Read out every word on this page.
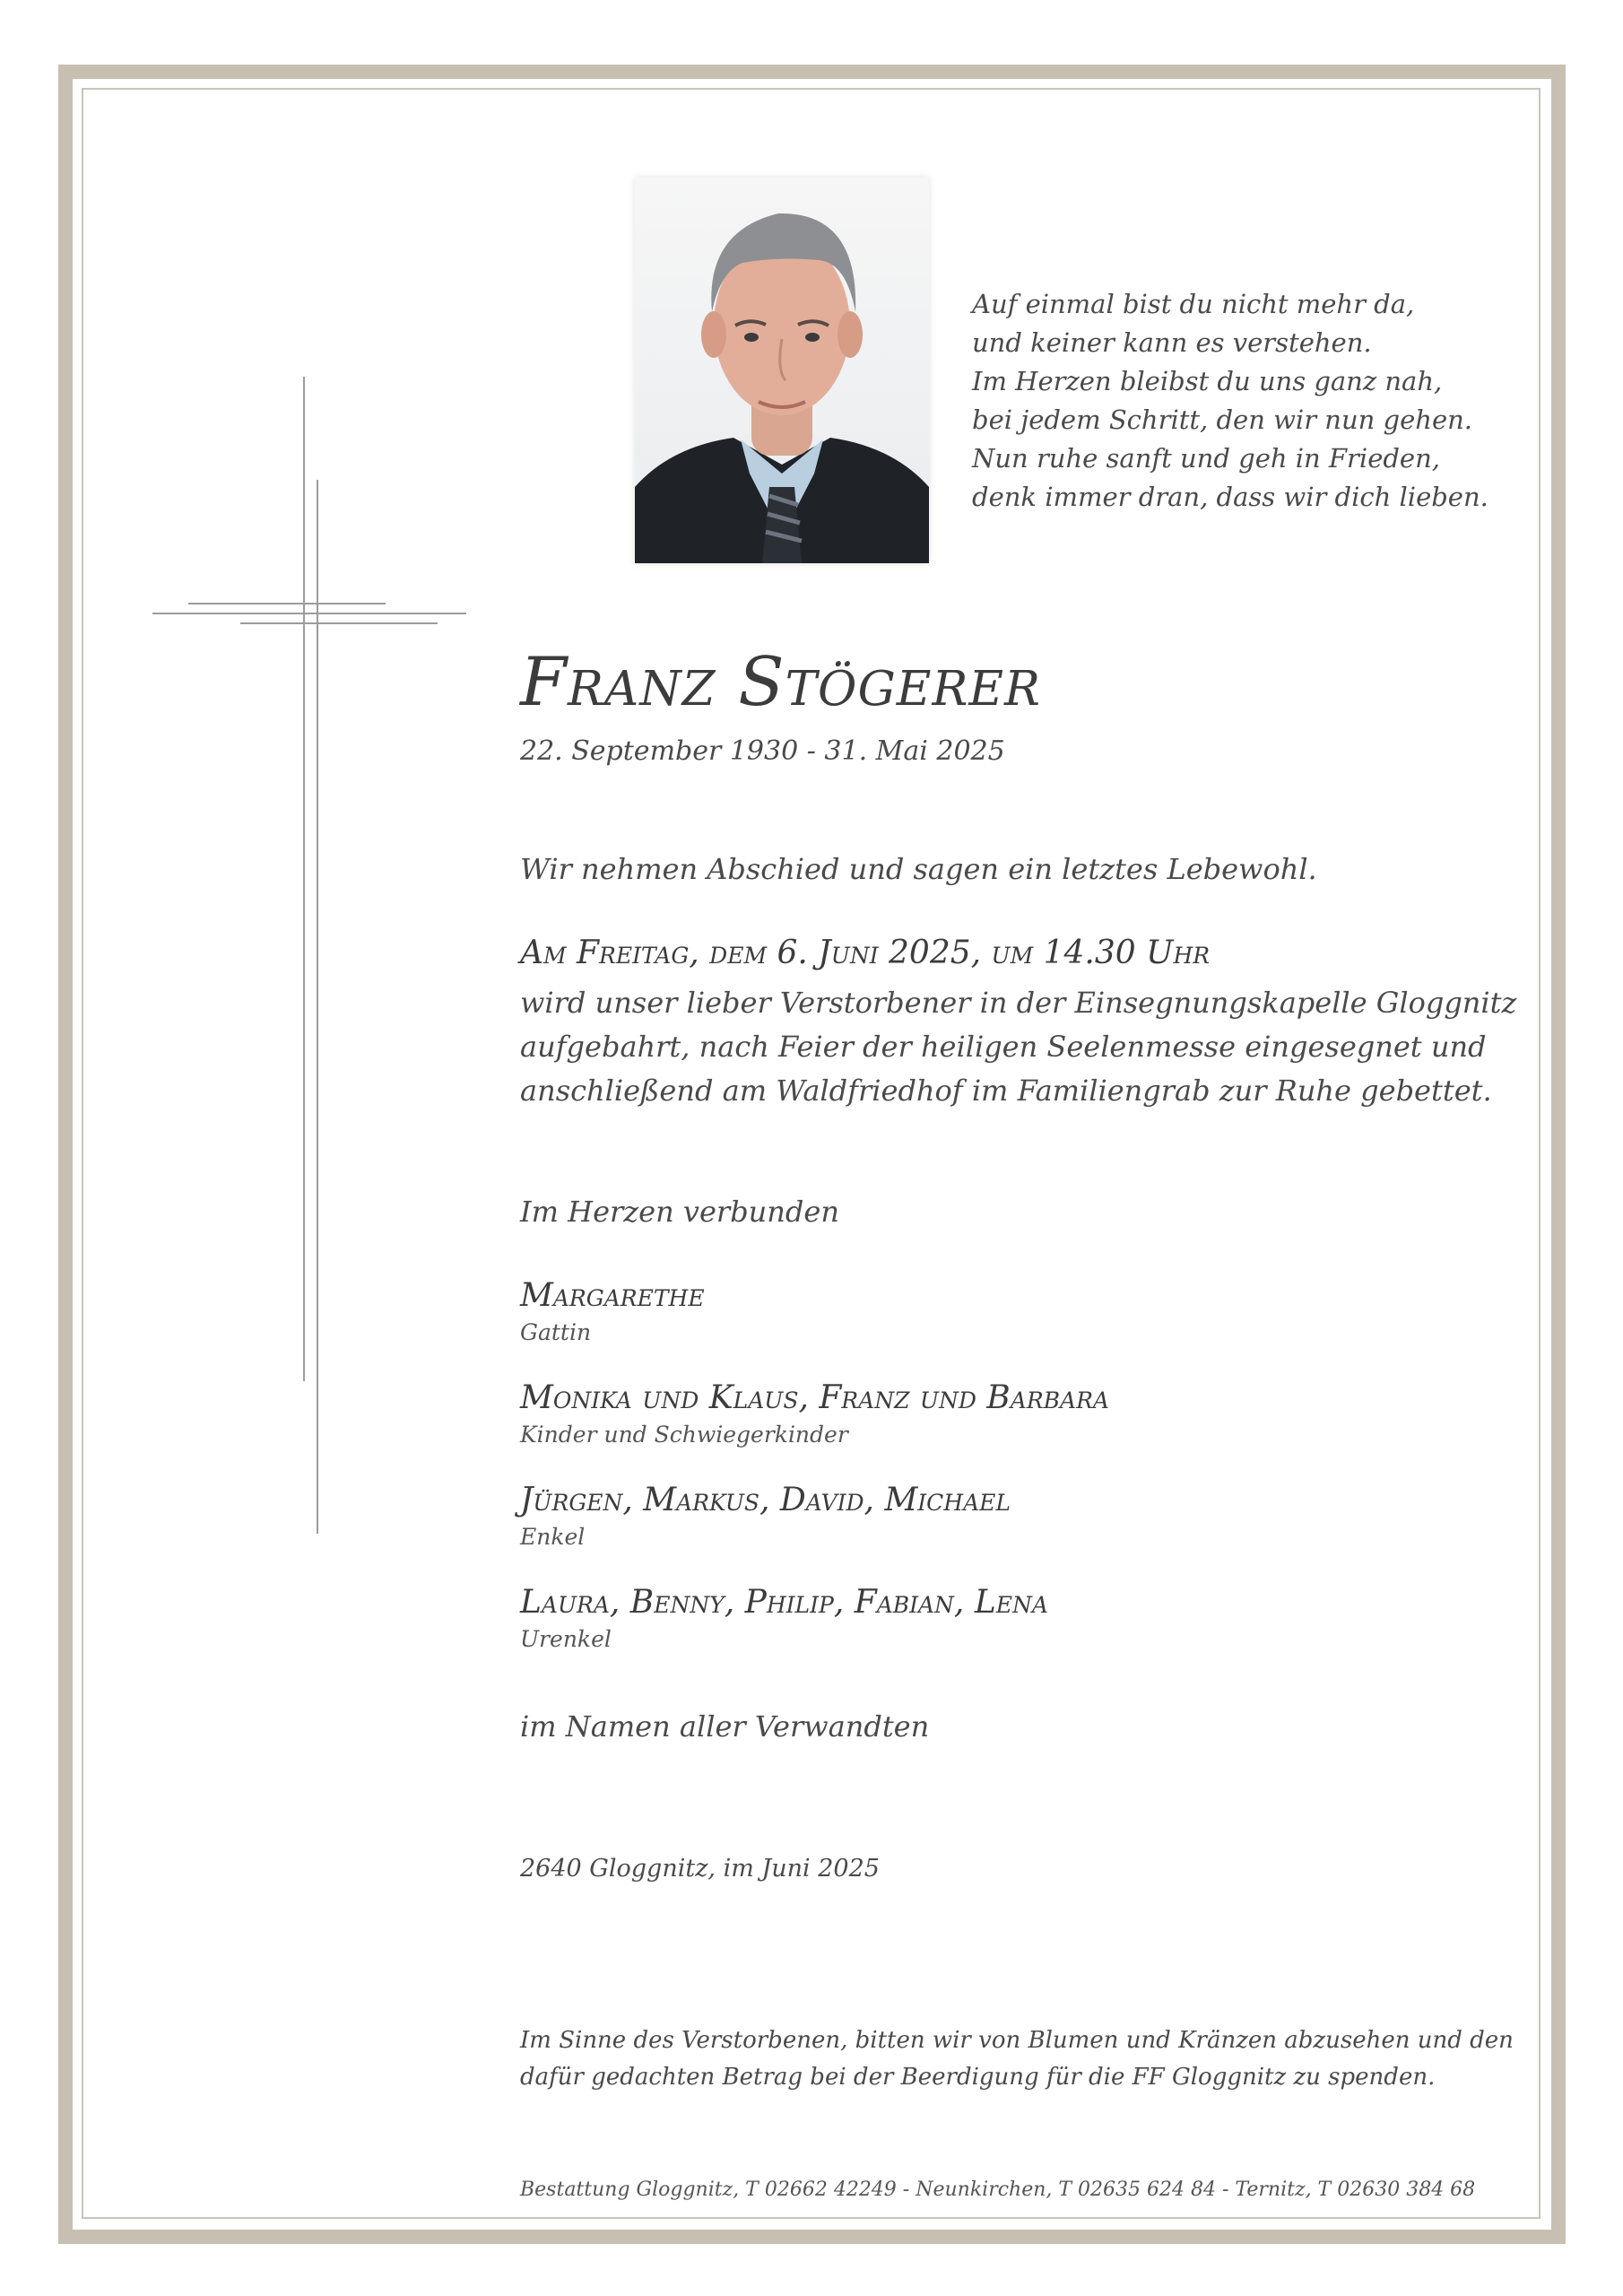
Auf einmal bist du nicht mehr da,
und keiner kann es verstehen.
Im Herzen bleibst du uns ganz nah,
bei jedem Schritt, den wir nun gehen.
Nun ruhe sanft und geh in Frieden,
denk immer dran, dass wir dich lieben.
Franz Stögerer
22. September 1930 - 31. Mai 2025
Wir nehmen Abschied und sagen ein letztes Lebewohl.
Am Freitag, dem 6. Juni 2025, um 14.30 Uhr
wird unser lieber Verstorbener in der Einsegnungskapelle Gloggnitz
aufgebahrt, nach Feier der heiligen Seelenmesse eingesegnet und
anschließend am Waldfriedhof im Familiengrab zur Ruhe gebettet.
Im Herzen verbunden
Margarethe
Gattin
Monika und Klaus, Franz und Barbara
Kinder und Schwiegerkinder
Jürgen, Markus, David, Michael
Enkel
Laura, Benny, Philip, Fabian, Lena
Urenkel
im Namen aller Verwandten
2640 Gloggnitz, im Juni 2025
Im Sinne des Verstorbenen, bitten wir von Blumen und Kränzen abzusehen und den
dafür gedachten Betrag bei der Beerdigung für die FF Gloggnitz zu spenden.
Bestattung Gloggnitz, T 02662 42249 - Neunkirchen, T 02635 624 84 - Ternitz, T 02630 384 68
